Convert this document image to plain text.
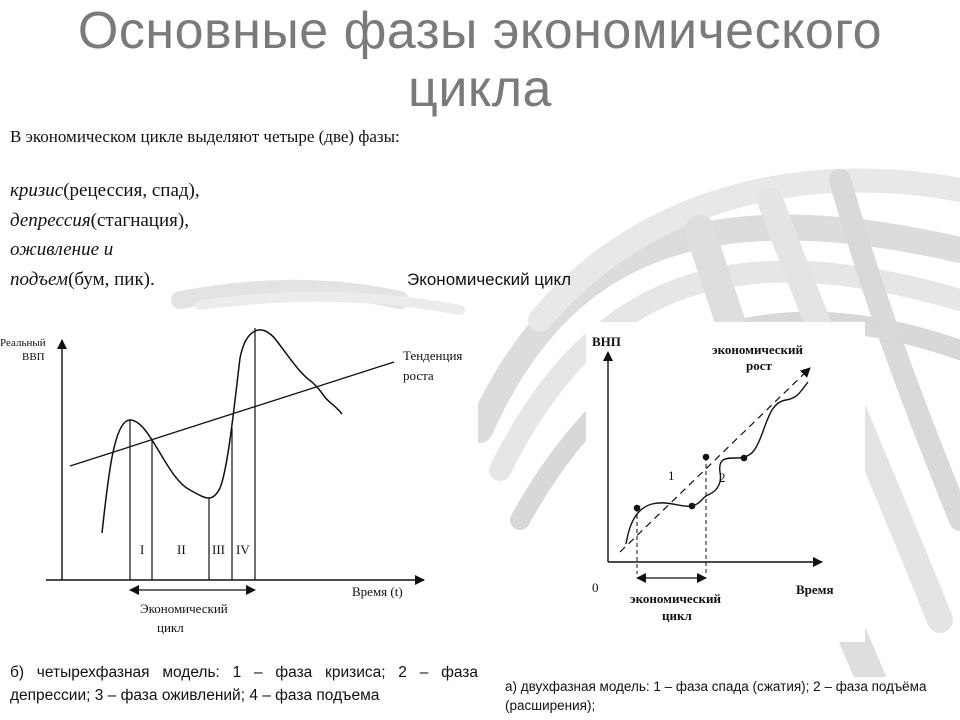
Основные фазы экономического цикла
В экономическом цикле выделяют четыре (две) фазы:
кризис(рецессия, спад),
депрессия(стагнация),
оживление и
подъем(бум, пик).	Экономический цикл
Реальный
ВВП	Тенденция
роста
I	II III IV
Время (t)
Экономический
цикл
ВНП
0
экономический
рост
1	2
Время
экономический
цикл
б) четырехфазная модель: 1 – фаза кризиса; 2 – фаза депрессии; 3 – фаза оживлений; 4 – фаза подъема
а) двухфазная модель: 1 – фаза спада (сжатия); 2 – фаза подъёма (расширения);
